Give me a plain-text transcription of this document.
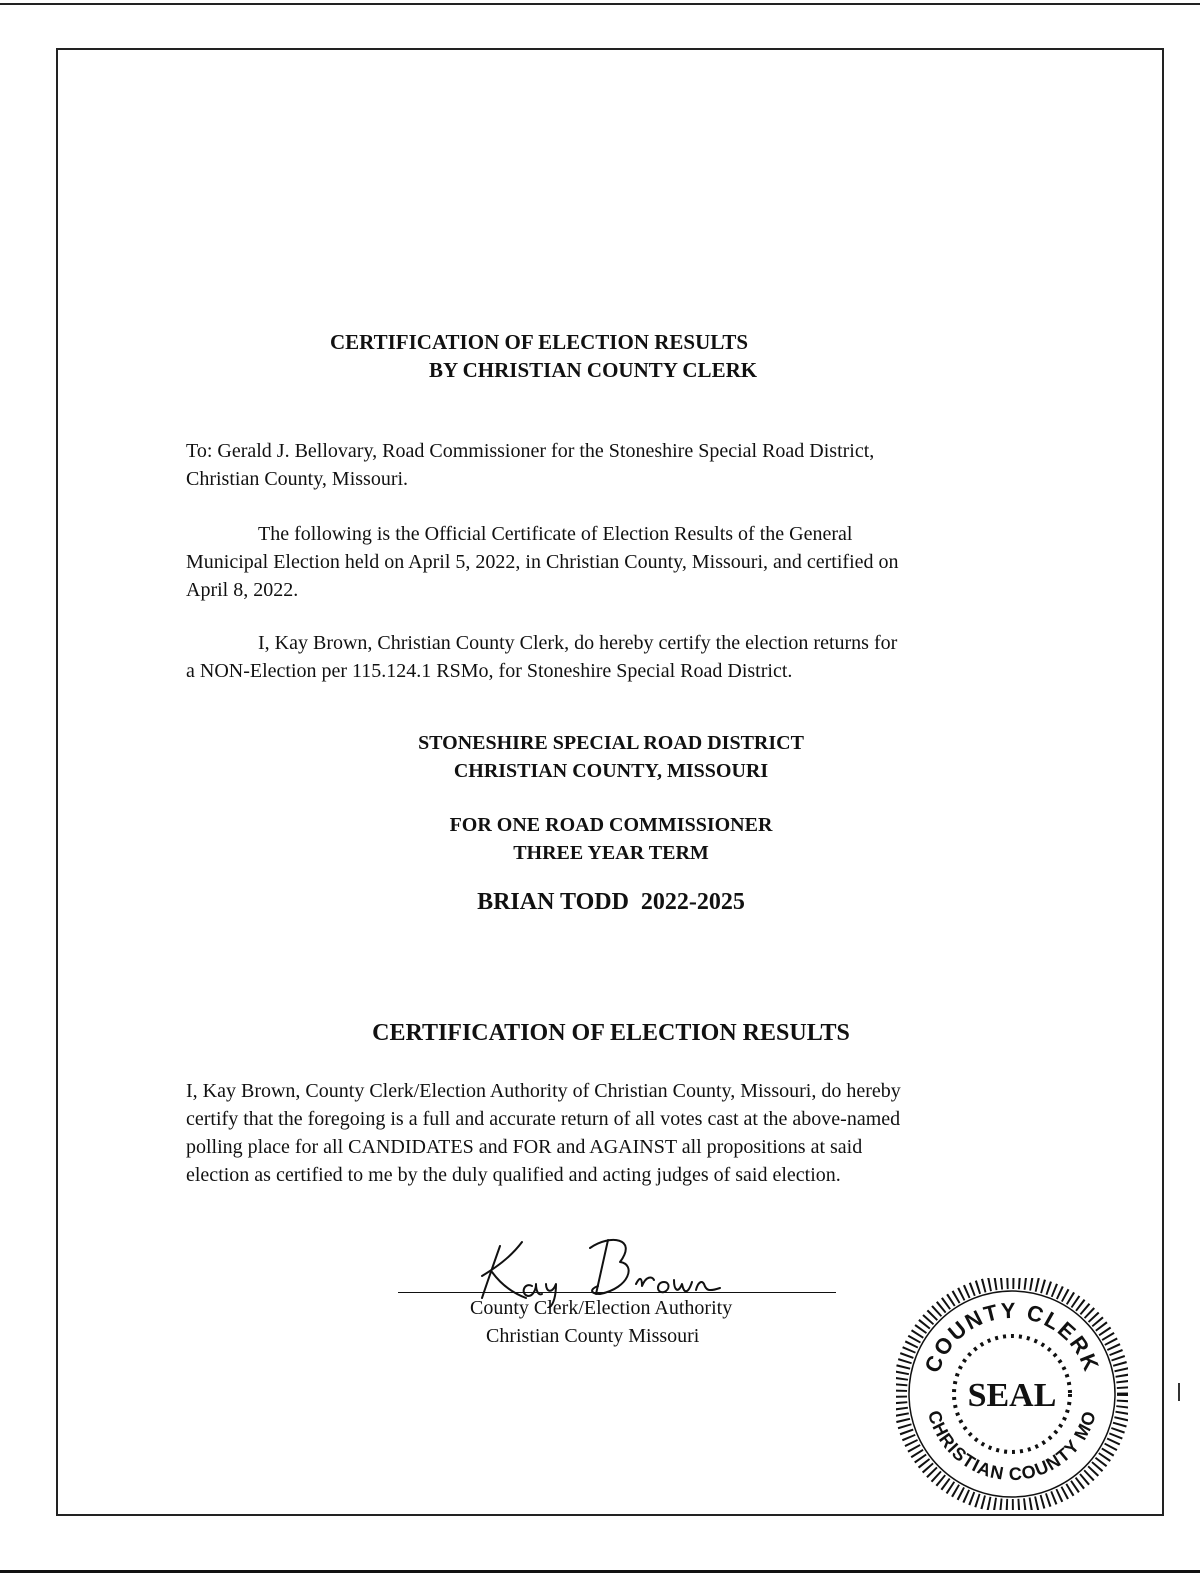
CERTIFICATION OF ELECTION RESULTS
BY CHRISTIAN COUNTY CLERK
To: Gerald J. Bellovary, Road Commissioner for the Stoneshire Special Road District,
Christian County, Missouri.
The following is the Official Certificate of Election Results of the General
Municipal Election held on April 5, 2022, in Christian County, Missouri, and certified on
April 8, 2022.
I, Kay Brown, Christian County Clerk, do hereby certify the election returns for
a NON-Election per 115.124.1 RSMo, for Stoneshire Special Road District.
STONESHIRE SPECIAL ROAD DISTRICT
CHRISTIAN COUNTY, MISSOURI
FOR ONE ROAD COMMISSIONER
THREE YEAR TERM
BRIAN TODD  2022-2025
CERTIFICATION OF ELECTION RESULTS
I, Kay Brown, County Clerk/Election Authority of Christian County, Missouri, do hereby
certify that the foregoing is a full and accurate return of all votes cast at the above-named
polling place for all CANDIDATES and FOR and AGAINST all propositions at said
election as certified to me by the duly qualified and acting judges of said election.
County Clerk/Election Authority
Christian County Missouri
COUNTY CLERK
CHRISTIAN COUNTY MO
SEAL
